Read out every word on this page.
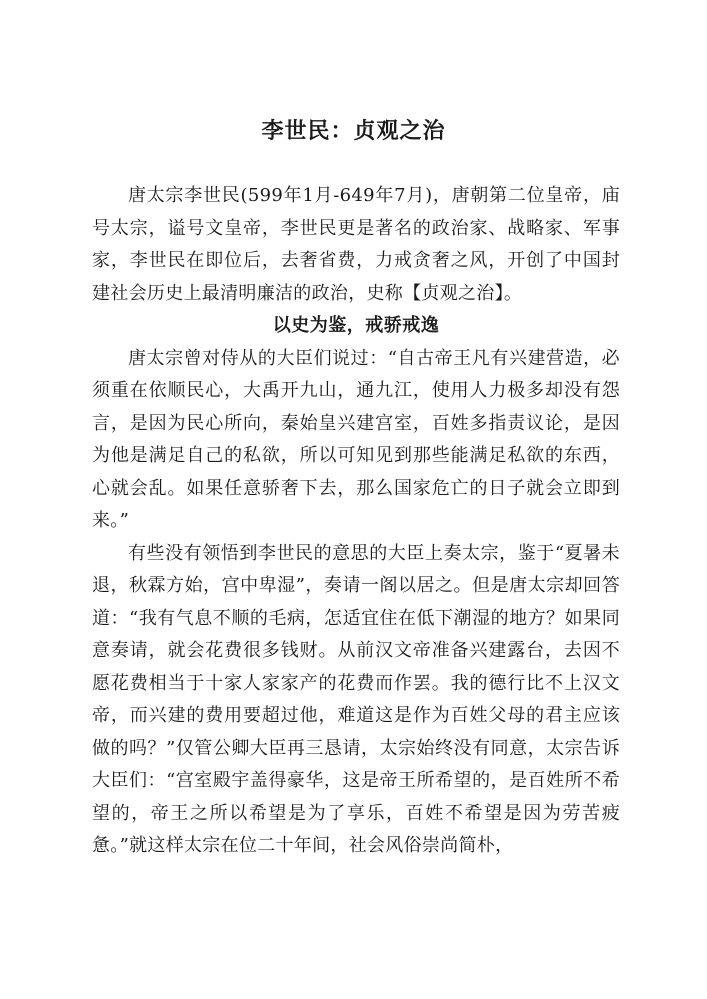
李世民：贞观之治

唐太宗李世民(599年1月-649年7月)，唐朝第二位皇帝，庙号太宗，谥号文皇帝，李世民更是著名的政治家、战略家、军事家，李世民在即位后，去奢省费，力戒贪奢之风，开创了中国封建社会历史上最清明廉洁的政治，史称【贞观之治】。

以史为鉴，戒骄戒逸

唐太宗曾对侍从的大臣们说过：“自古帝王凡有兴建营造，必须重在依顺民心，大禹开九山，通九江，使用人力极多却没有怨言，是因为民心所向，秦始皇兴建宫室，百姓多指责议论，是因为他是满足自己的私欲，所以可知见到那些能满足私欲的东西，心就会乱。如果任意骄奢下去，那么国家危亡的日子就会立即到来。”

有些没有领悟到李世民的意思的大臣上奏太宗，鉴于“夏暑未退，秋霖方始，宫中卑湿”，奏请一阁以居之。但是唐太宗却回答道：“我有气息不顺的毛病，怎适宜住在低下潮湿的地方？如果同意奏请，就会花费很多钱财。从前汉文帝准备兴建露台，去因不愿花费相当于十家人家家产的花费而作罢。我的德行比不上汉文帝，而兴建的费用要超过他，难道这是作为百姓父母的君主应该做的吗？”仅管公卿大臣再三恳请，太宗始终没有同意，太宗告诉大臣们：“宫室殿宇盖得豪华，这是帝王所希望的，是百姓所不希望的，帝王之所以希望是为了享乐，百姓不希望是因为劳苦疲惫。”就这样太宗在位二十年间，社会风俗崇尚简朴，
